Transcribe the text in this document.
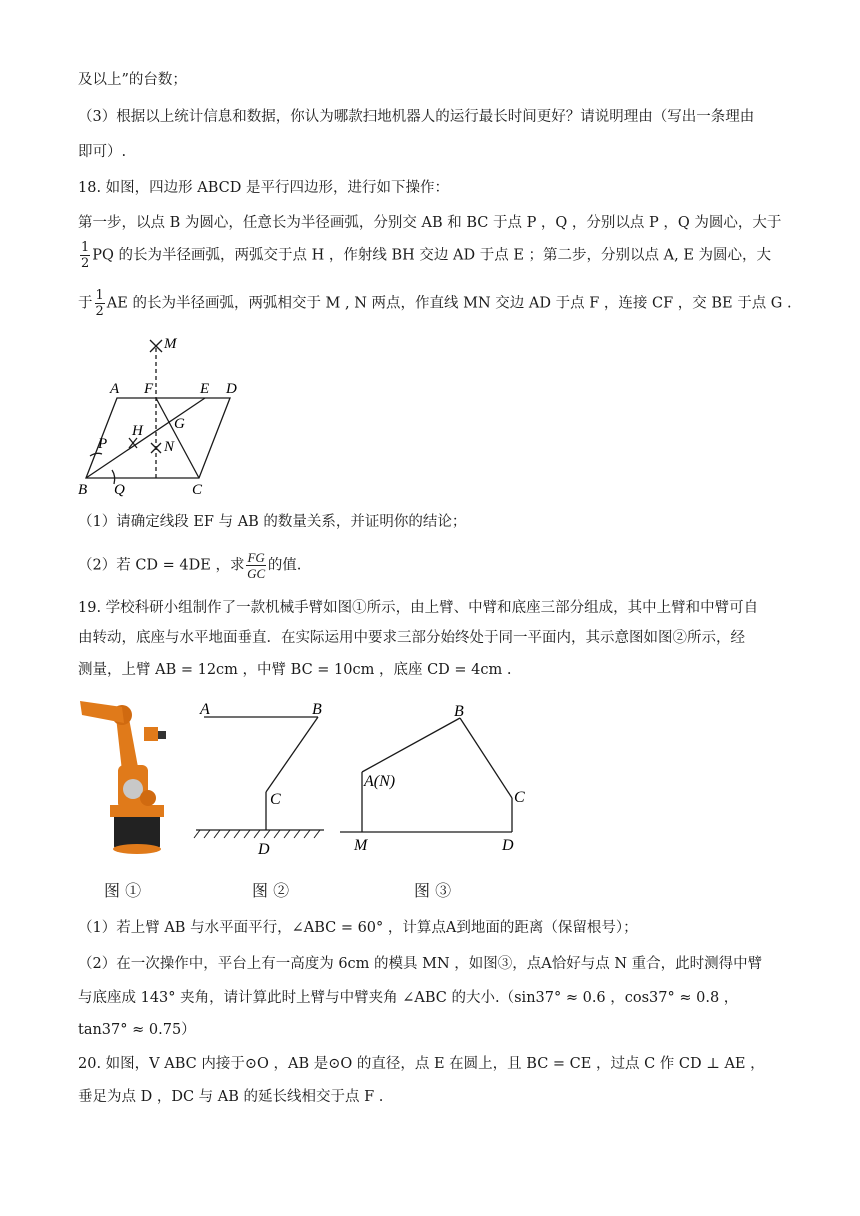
及以上”的台数；
（3）根据以上统计信息和数据，你认为哪款扫地机器人的运行最长时间更好？请说明理由（写出一条理由
即可）.
18. 如图，四边形 ABCD 是平行四边形，进行如下操作：
第一步，以点 B 为圆心，任意长为半径画弧，分别交 AB 和 BC 于点 P ，Q ，分别以点 P ，Q 为圆心，大于
$\frac{1}{2}$ PQ 的长为半径画弧，两弧交于点 H ，作射线 BH 交边 AD 于点 E ；第二步，分别以点 A, E 为圆心，大
于 $\frac{1}{2}$ AE 的长为半径画弧，两弧相交于 M , N 两点，作直线 MN 交边 AD 于点 F ，连接 CF ，交 BE 于点 G .
M
A F	E D
G
P
H
N
B Q	C
（1）请确定线段 EF 与 AB 的数量关系，并证明你的结论；
（2）若 CD = 4DE ，求 $\frac{FG}{GC}$ 的值.
19. 学校科研小组制作了一款机械手臂如图①所示，由上臂、中臂和底座三部分组成，其中上臂和中臂可自
由转动，底座与水平地面垂直．在实际运用中要求三部分始终处于同一平面内，其示意图如图②所示，经
测量，上臂 AB = 12cm ，中臂 BC = 10cm ，底座 CD = 4cm .
A	B
C
D
B
A(N)
C
M	D
图 ①	图 ②	图 ③
（1）若上臂 AB 与水平面平行，∠ABC = 60° ，计算点A到地面的距离（保留根号）；
（2）在一次操作中，平台上有一高度为 6cm 的模具 MN ，如图③，点A恰好与点 N 重合，此时测得中臂
与底座成 143° 夹角，请计算此时上臂与中臂夹角 ∠ABC 的大小.（sin37° ≈ 0.6 ，cos37° ≈ 0.8 ，
tan37° ≈ 0.75）
20. 如图，V ABC 内接于⊙O ，AB 是⊙O 的直径，点 E 在圆上，且 BC = CE ，过点 C 作 CD ⊥ AE ，
垂足为点 D ，DC 与 AB 的延长线相交于点 F .
